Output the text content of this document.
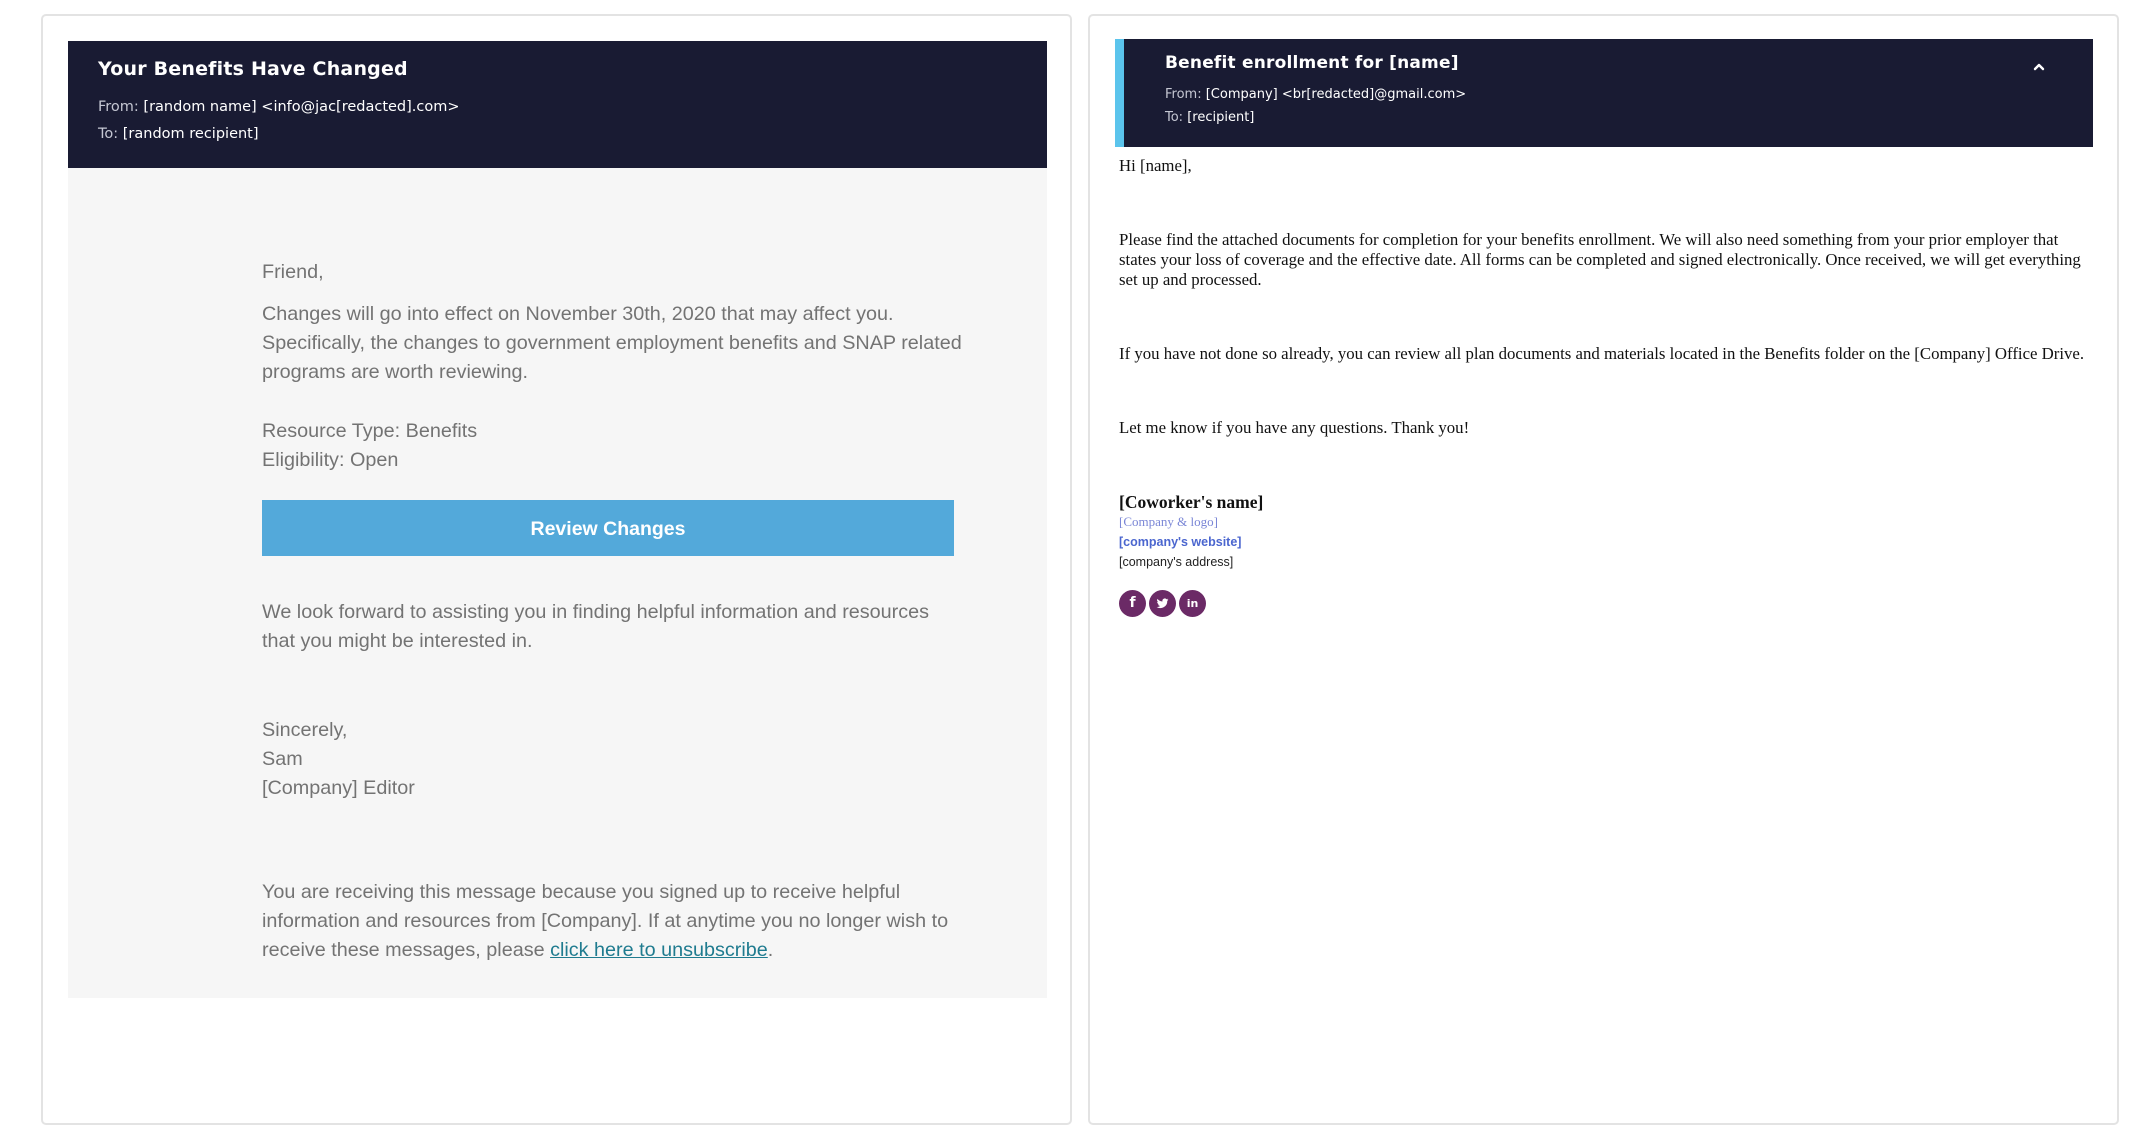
Your Benefits Have Changed
From: [random name] <info@jac[redacted].com>
To: [random recipient]

Friend,

Changes will go into effect on November 30th, 2020 that may affect you. Specifically, the changes to government employment benefits and SNAP related programs are worth reviewing.

Resource Type: Benefits

Eligibility: Open

Review Changes

We look forward to assisting you in finding helpful information and resources that you might be interested in.

Sincerely,

Sam

[Company] Editor

You are receiving this message because you signed up to receive helpful information and resources from [Company]. If at anytime you no longer wish to receive these messages, please click here to unsubscribe.

Benefit enrollment for [name]
From: [Company] <br[redacted]@gmail.com>
To: [recipient]

Hi [name],

Please find the attached documents for completion for your benefits enrollment. We will also need something from your prior employer that states your loss of coverage and the effective date. All forms can be completed and signed electronically. Once received, we will get everything set up and processed.

If you have not done so already, you can review all plan documents and materials located in the Benefits folder on the [Company] Office Drive.

Let me know if you have any questions. Thank you!

[Coworker's name]

[Company & logo]

[company's website]

[company's address]

f	in
